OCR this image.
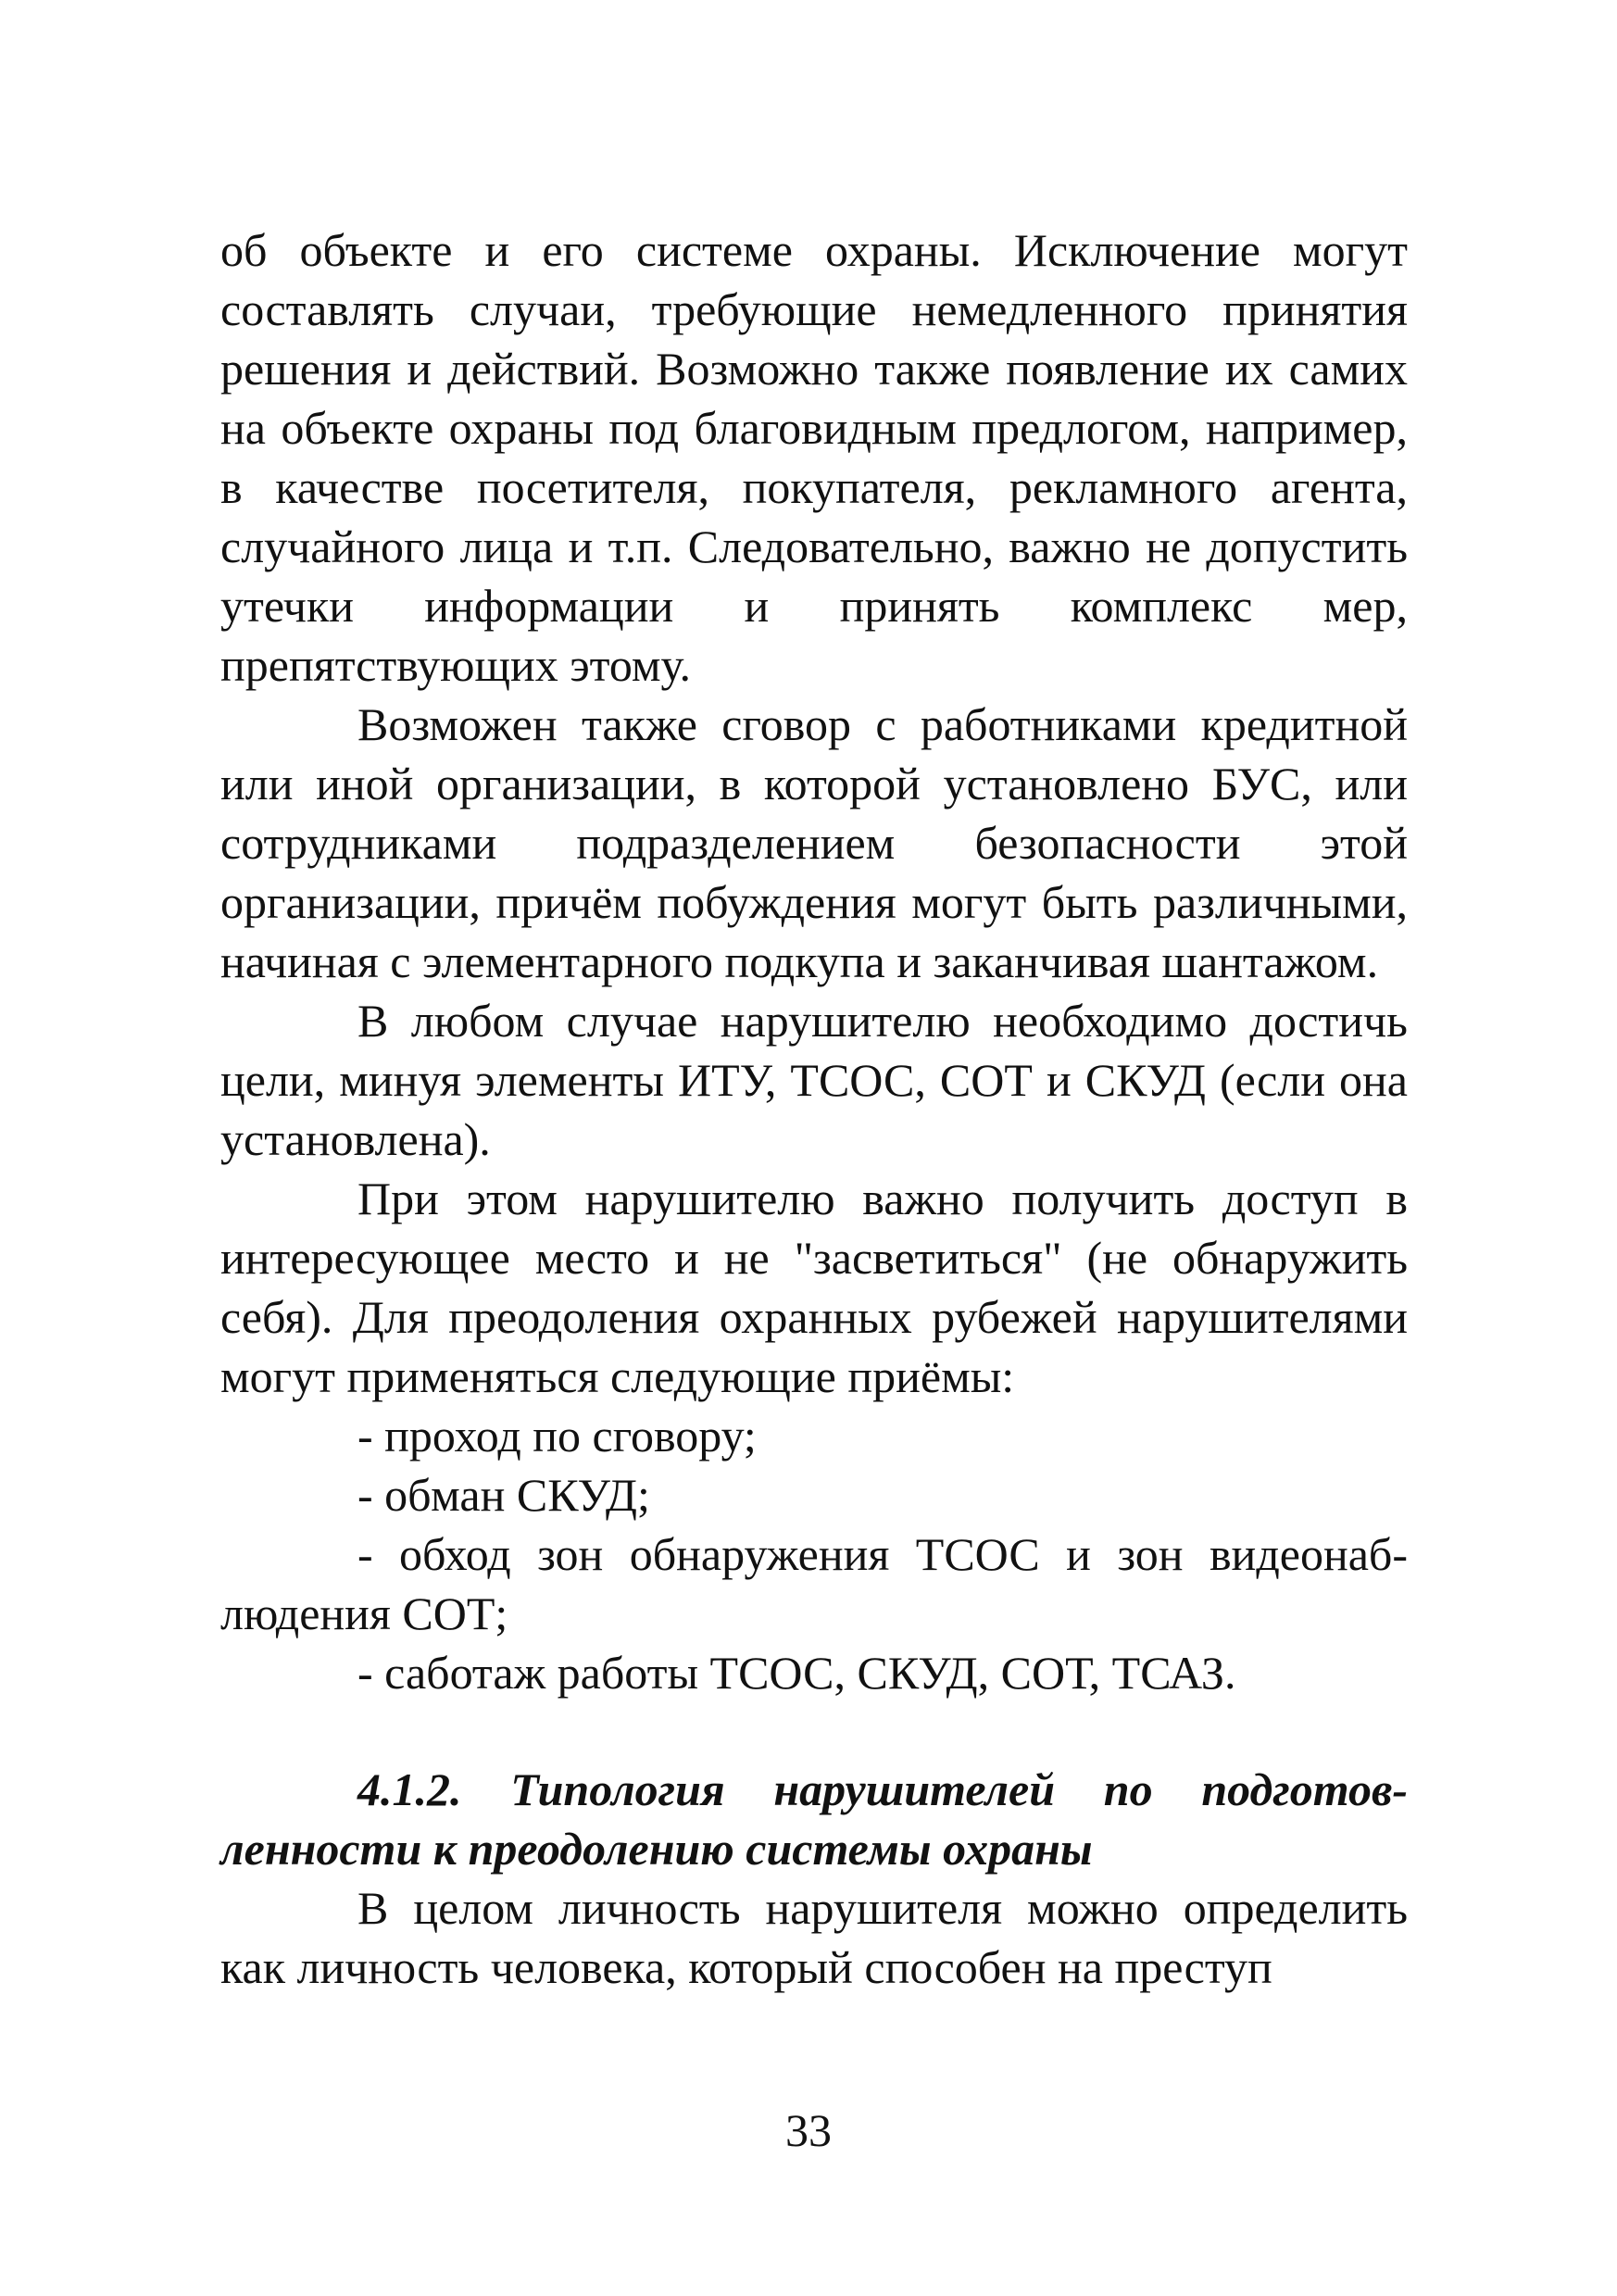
об объекте и его системе охраны. Исключение могут составлять случаи, требующие немедленного принятия решения и действий. Возможно также появление их самих на объекте охраны под благовидным предлогом, например, в качестве посетителя, покупателя, рекламного агента, случайного лица и т.п. Следовательно, важно не допустить утечки информации и принять комплекс мер, препятствующих этому.

Возможен также сговор с работниками кредитной или иной организации, в которой установлено БУС, или сотрудниками подразделением безопасности этой организации, причём побуждения могут быть различными, начиная с элементарного подкупа и заканчивая шантажом.

В любом случае нарушителю необходимо достичь цели, минуя элементы ИТУ, ТСОС, СОТ и СКУД (если она установлена).

При этом нарушителю важно получить доступ в интересующее место и не "засветиться" (не обнаружить себя). Для преодоления охранных рубежей нарушителями могут применяться следующие приёмы:

- проход по сговору;

- обман СКУД;

- обход зон обнаружения ТСОС и зон видеонаблюдения СОТ;

- саботаж работы ТСОС, СКУД, СОТ, ТСАЗ.

4.1.2. Типология нарушителей по подготовленности к преодолению системы охраны

В целом личность нарушителя можно определить как личность человека, который способен на преступ

33
